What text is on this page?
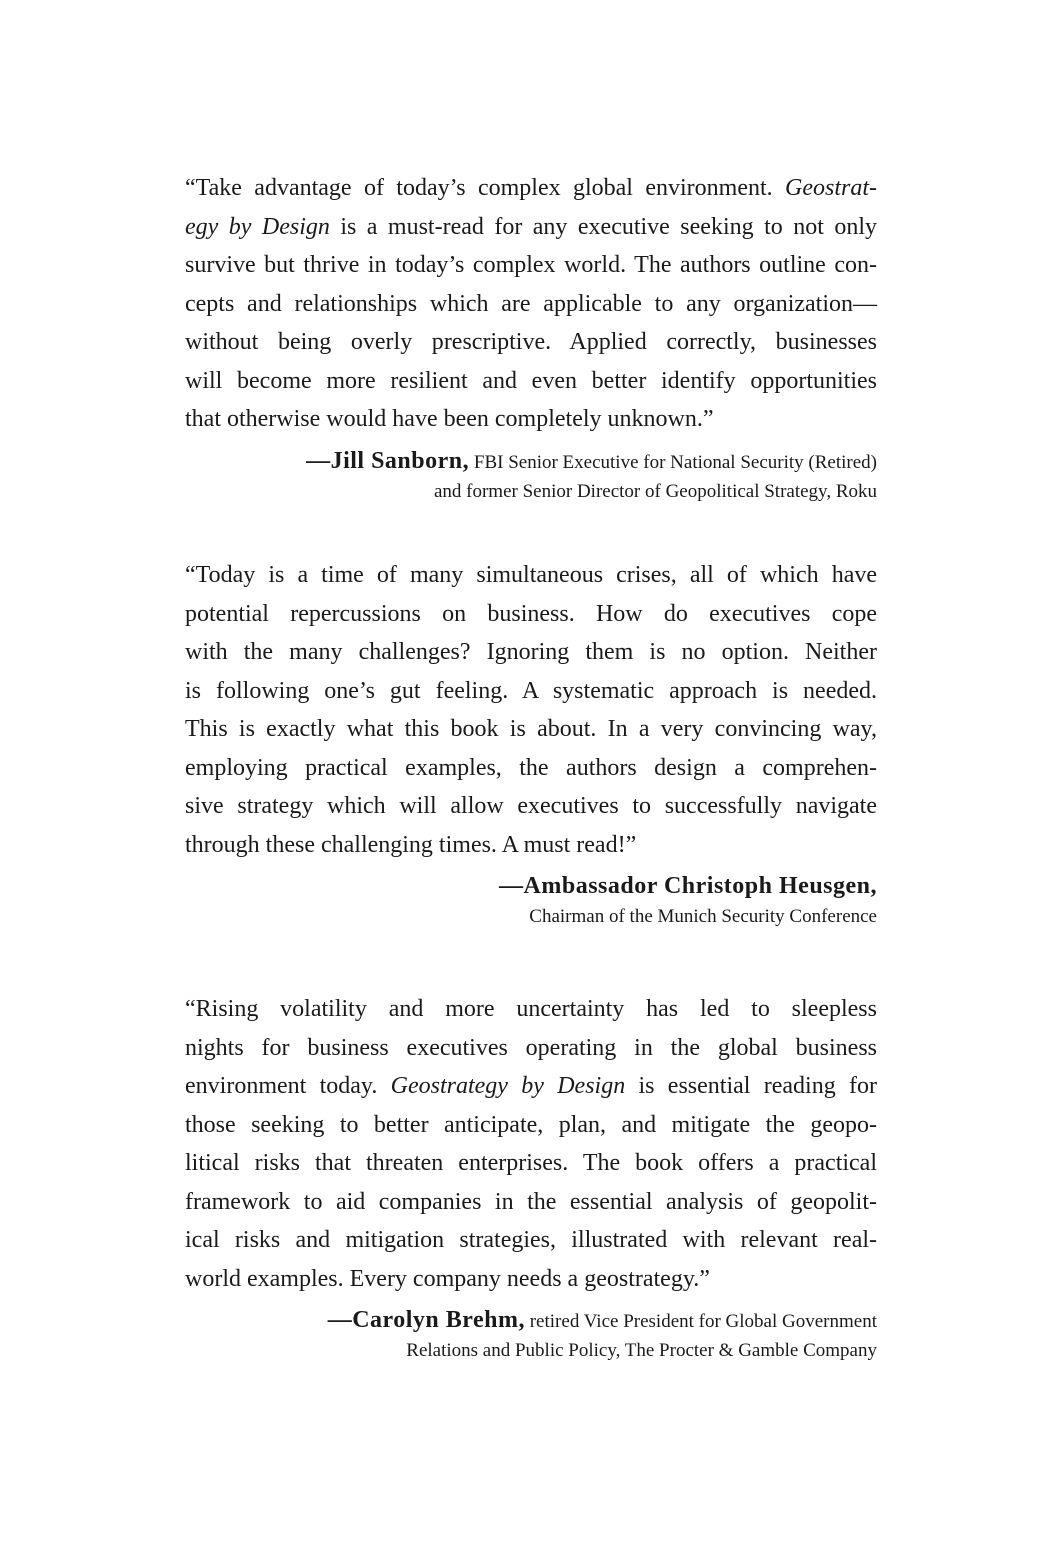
“Take advantage of today’s complex global environment. Geostrat-
egy by Design is a must-read for any executive seeking to not only
survive but thrive in today’s complex world. The authors outline con-
cepts and relationships which are applicable to any organization—
without being overly prescriptive. Applied correctly, businesses
will become more resilient and even better identify opportunities
that otherwise would have been completely unknown.”

—Jill Sanborn, FBI Senior Executive for National Security (Retired)
and former Senior Director of Geopolitical Strategy, Roku

“Today is a time of many simultaneous crises, all of which have
potential repercussions on business. How do executives cope
with the many challenges? Ignoring them is no option. Neither
is following one’s gut feeling. A systematic approach is needed.
This is exactly what this book is about. In a very convincing way,
employing practical examples, the authors design a comprehen-
sive strategy which will allow executives to successfully navigate
through these challenging times. A must read!”

—Ambassador Christoph Heusgen,
Chairman of the Munich Security Conference

“Rising volatility and more uncertainty has led to sleepless
nights for business executives operating in the global business
environment today. Geostrategy by Design is essential reading for
those seeking to better anticipate, plan, and mitigate the geopo-
litical risks that threaten enterprises. The book offers a practical
framework to aid companies in the essential analysis of geopolit-
ical risks and mitigation strategies, illustrated with relevant real-
world examples. Every company needs a geostrategy.”

—Carolyn Brehm, retired Vice President for Global Government
Relations and Public Policy, The Procter & Gamble Company
